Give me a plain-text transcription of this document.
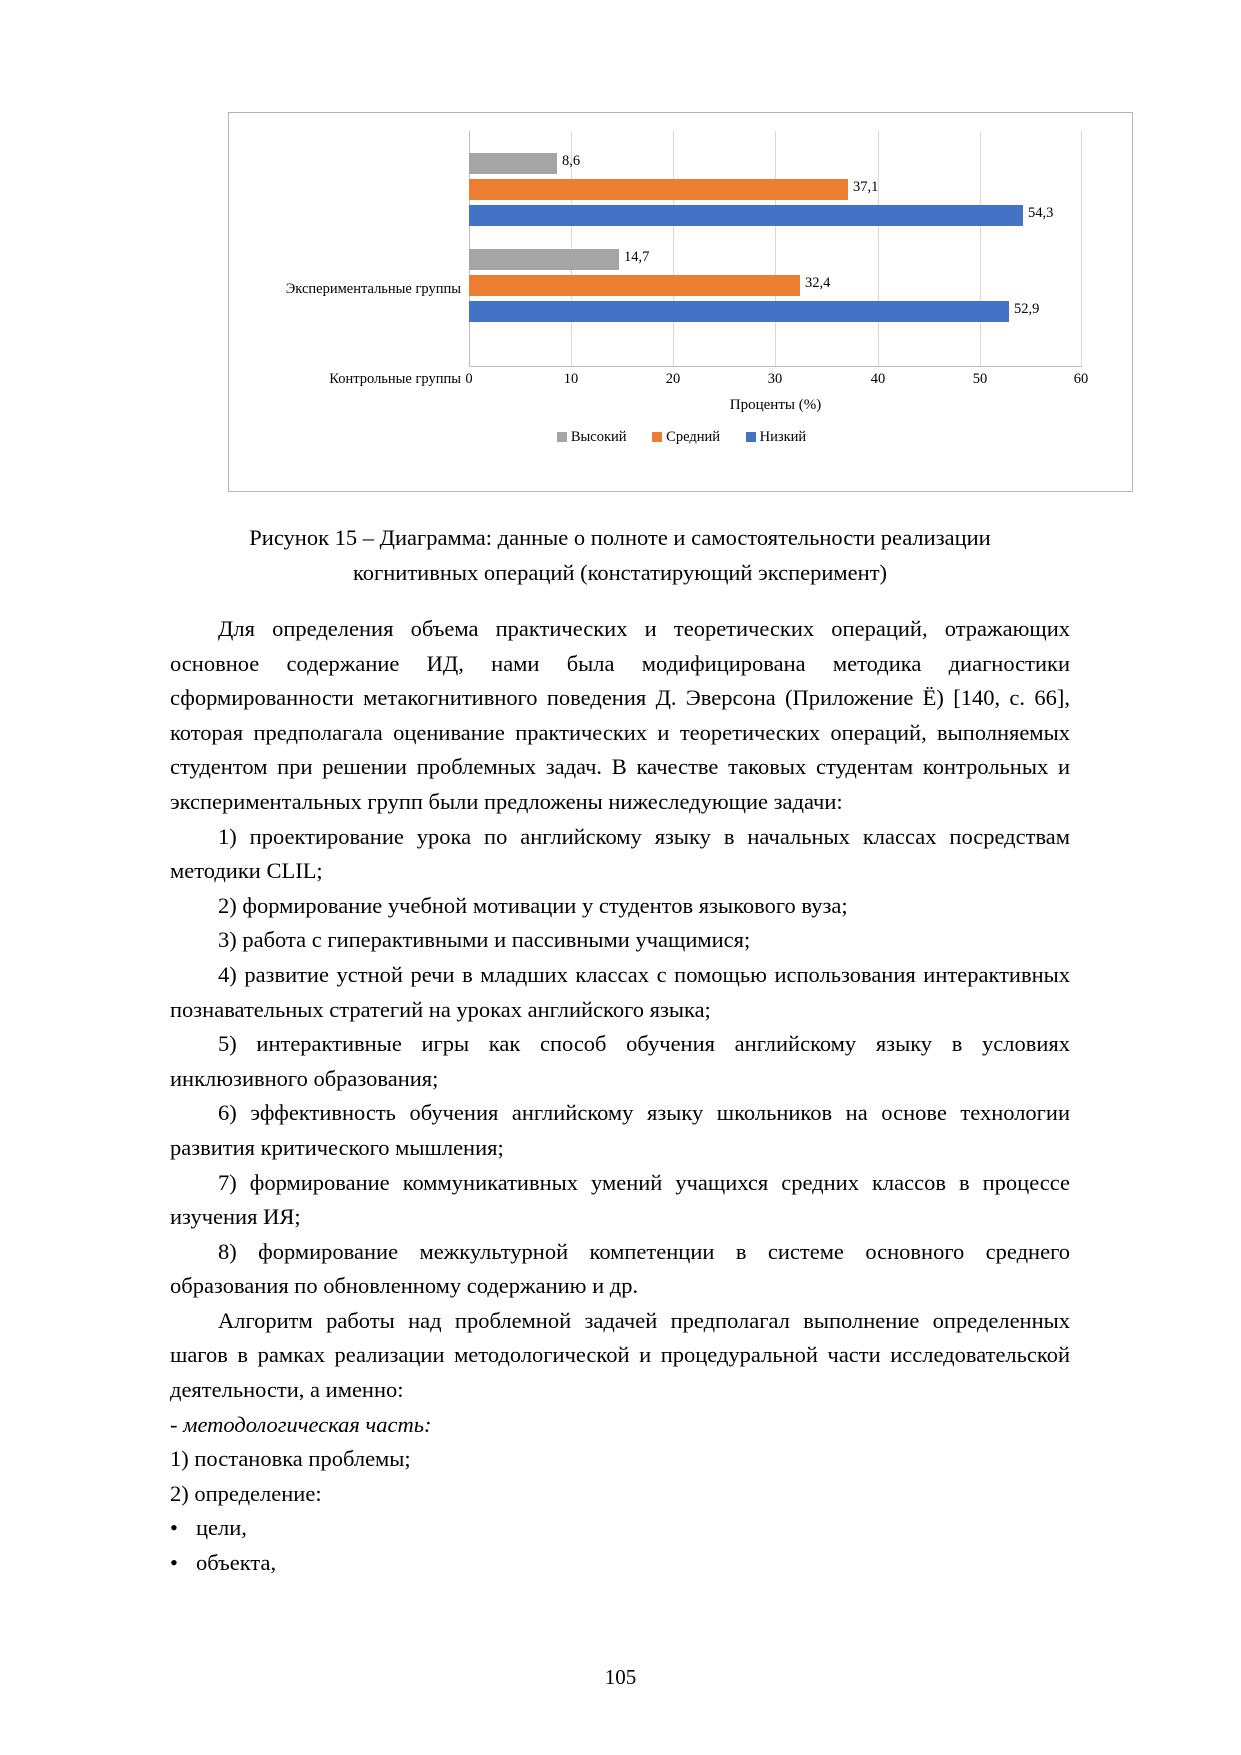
Экспериментальные группы
Контрольные группы
8,6
37,1
54,3
14,7
32,4
52,9
0	10	20	30	40	50	60
Проценты (%)
Высокий	Средний	Низкий
Рисунок 15 – Диаграмма: данные о полноте и самостоятельности реализации
когнитивных операций (констатирующий эксперимент)

Для определения объема практических и теоретических операций, отражающих основное содержание ИД, нами была модифицирована методика диагностики сформированности метакогнитивного поведения Д. Эверсона (Приложение Ё) [140, с. 66], которая предполагала оценивание практических и теоретических операций, выполняемых студентом при решении проблемных задач. В качестве таковых студентам контрольных и экспериментальных групп были предложены нижеследующие задачи:

1) проектирование урока по английскому языку в начальных классах посредствам методики CLIL;

2) формирование учебной мотивации у студентов языкового вуза;

3) работа с гиперактивными и пассивными учащимися;

4) развитие устной речи в младших классах с помощью использования интерактивных познавательных стратегий на уроках английского языка;

5) интерактивные игры как способ обучения английскому языку в условиях инклюзивного образования;

6) эффективность обучения английскому языку школьников на основе технологии развития критического мышления;

7) формирование коммуникативных умений учащихся средних классов в процессе изучения ИЯ;

8) формирование межкультурной компетенции в системе основного среднего образования по обновленному содержанию и др.

Алгоритм работы над проблемной задачей предполагал выполнение определенных шагов в рамках реализации методологической и процедуральной части исследовательской деятельности, а именно:

- методологическая часть:

1) постановка проблемы;

2) определение:

• цели,

• объекта,

105
